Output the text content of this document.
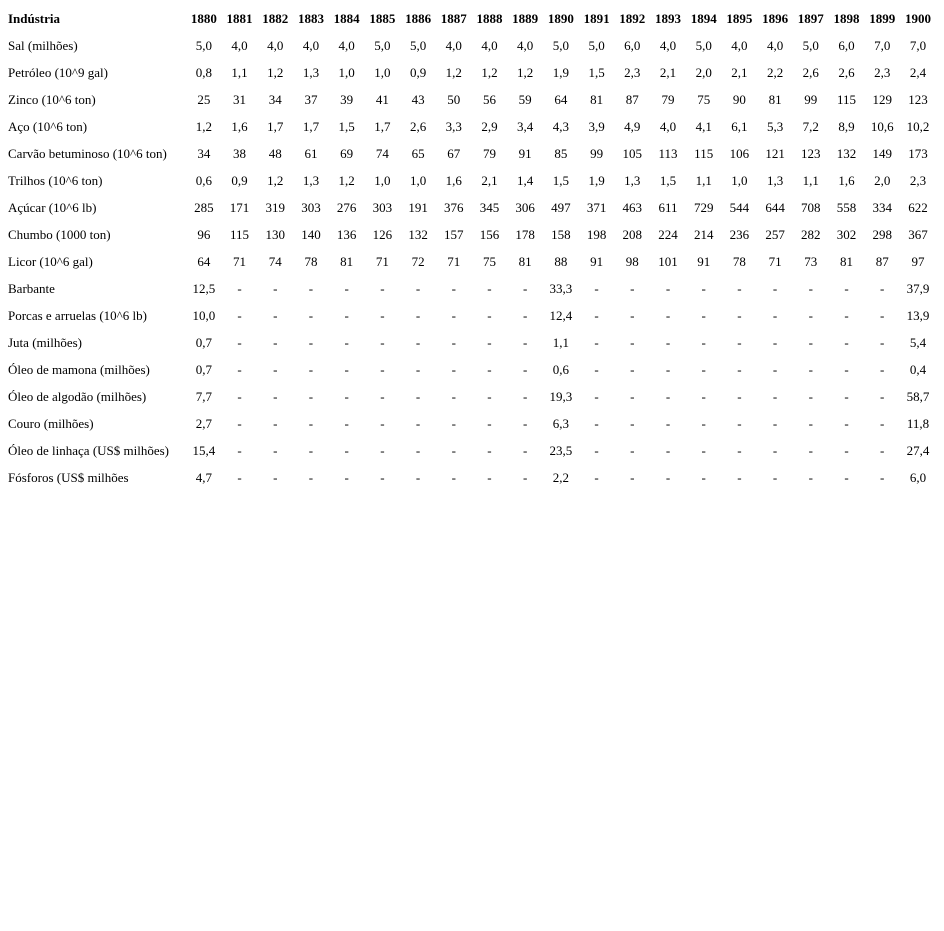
Indústria	1880	1881	1882	1883	1884	1885	1886	1887	1888	1889	1890	1891	1892	1893	1894	1895	1896	1897	1898	1899	1900
Sal (milhões)	5,0	4,0	4,0	4,0	4,0	5,0	5,0	4,0	4,0	4,0	5,0	5,0	6,0	4,0	5,0	4,0	4,0	5,0	6,0	7,0	7,0
Petróleo (10^9 gal)	0,8	1,1	1,2	1,3	1,0	1,0	0,9	1,2	1,2	1,2	1,9	1,5	2,3	2,1	2,0	2,1	2,2	2,6	2,6	2,3	2,4
Zinco (10^6 ton)	25	31	34	37	39	41	43	50	56	59	64	81	87	79	75	90	81	99	115	129	123
Aço (10^6 ton)	1,2	1,6	1,7	1,7	1,5	1,7	2,6	3,3	2,9	3,4	4,3	3,9	4,9	4,0	4,1	6,1	5,3	7,2	8,9	10,6	10,2
Carvão betuminoso (10^6 ton)	34	38	48	61	69	74	65	67	79	91	85	99	105	113	115	106	121	123	132	149	173
Trilhos (10^6 ton)	0,6	0,9	1,2	1,3	1,2	1,0	1,0	1,6	2,1	1,4	1,5	1,9	1,3	1,5	1,1	1,0	1,3	1,1	1,6	2,0	2,3
Açúcar (10^6 lb)	285	171	319	303	276	303	191	376	345	306	497	371	463	611	729	544	644	708	558	334	622
Chumbo (1000 ton)	96	115	130	140	136	126	132	157	156	178	158	198	208	224	214	236	257	282	302	298	367
Licor (10^6 gal)	64	71	74	78	81	71	72	71	75	81	88	91	98	101	91	78	71	73	81	87	97
Barbante	12,5	-	-	-	-	-	-	-	-	-	33,3	-	-	-	-	-	-	-	-	-	37,9
Porcas e arruelas (10^6 lb)	10,0	-	-	-	-	-	-	-	-	-	12,4	-	-	-	-	-	-	-	-	-	13,9
Juta (milhões)	0,7	-	-	-	-	-	-	-	-	-	1,1	-	-	-	-	-	-	-	-	-	5,4
Óleo de mamona (milhões)	0,7	-	-	-	-	-	-	-	-	-	0,6	-	-	-	-	-	-	-	-	-	0,4
Óleo de algodão (milhões)	7,7	-	-	-	-	-	-	-	-	-	19,3	-	-	-	-	-	-	-	-	-	58,7
Couro (milhões)	2,7	-	-	-	-	-	-	-	-	-	6,3	-	-	-	-	-	-	-	-	-	11,8
Óleo de linhaça (US$ milhões)	15,4	-	-	-	-	-	-	-	-	-	23,5	-	-	-	-	-	-	-	-	-	27,4
Fósforos (US$ milhões	4,7	-	-	-	-	-	-	-	-	-	2,2	-	-	-	-	-	-	-	-	-	6,0
